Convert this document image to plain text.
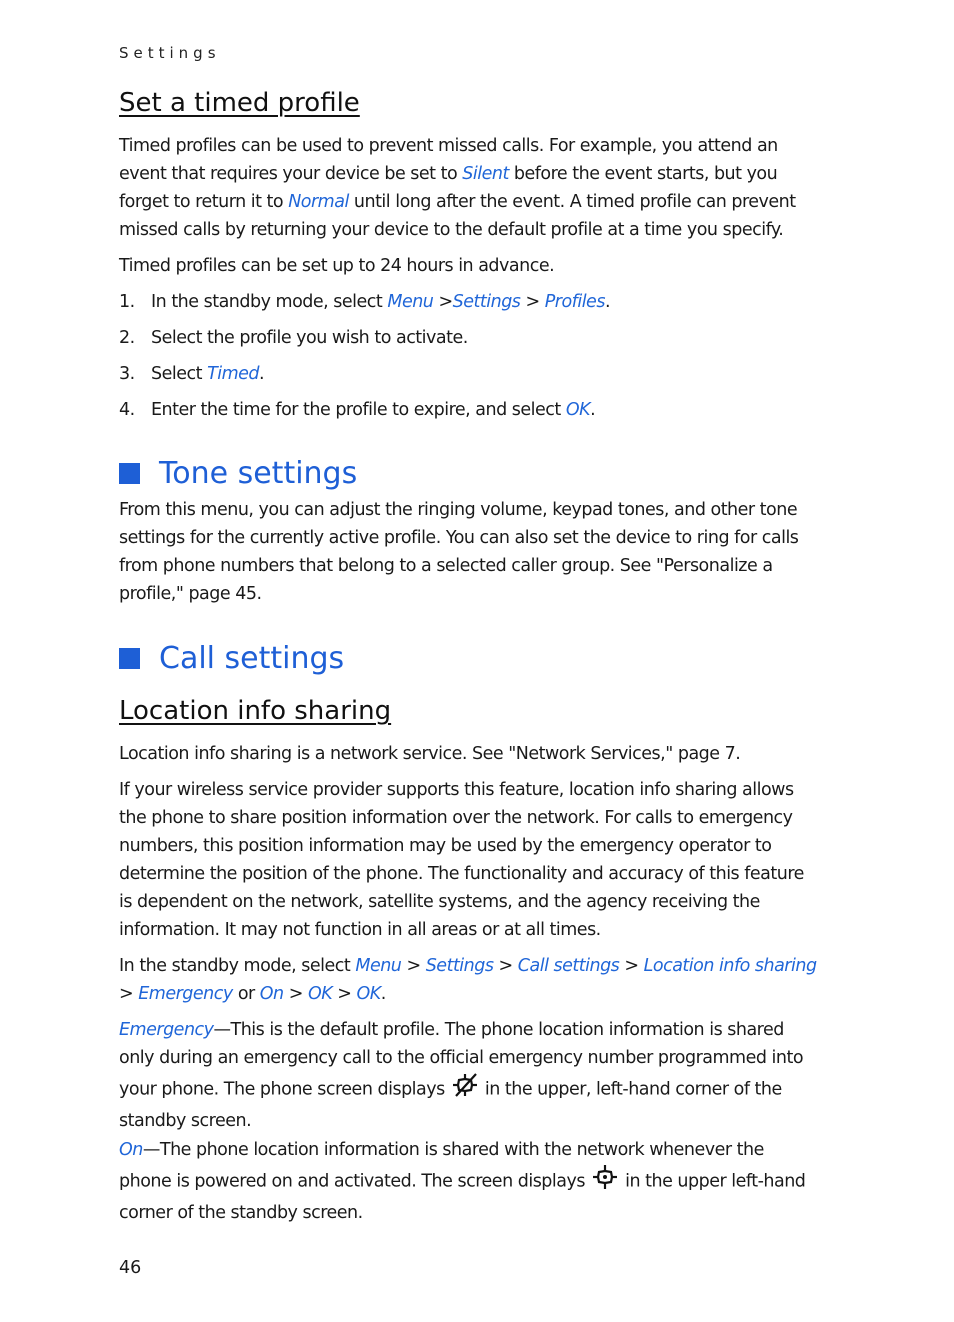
Settings
Set a timed profile

Timed profiles can be used to prevent missed calls. For example, you attend an event that requires your device be set to Silent before the event starts, but you forget to return it to Normal until long after the event. A timed profile can prevent missed calls by returning your device to the default profile at a time you specify.

Timed profiles can be set up to 24 hours in advance.

1. In the standby mode, select Menu >Settings > Profiles.
2. Select the profile you wish to activate.
3. Select Timed.
4. Enter the time for the profile to expire, and select OK.
Tone settings

From this menu, you can adjust the ringing volume, keypad tones, and other tone settings for the currently active profile. You can also set the device to ring for calls from phone numbers that belong to a selected caller group. See "Personalize a profile," page 45.

Call settings
Location info sharing

Location info sharing is a network service. See "Network Services," page 7.

If your wireless service provider supports this feature, location info sharing allows the phone to share position information over the network. For calls to emergency numbers, this position information may be used by the emergency operator to determine the position of the phone. The functionality and accuracy of this feature is dependent on the network, satellite systems, and the agency receiving the information. It may not function in all areas or at all times.

In the standby mode, select Menu > Settings > Call settings > Location info sharing > Emergency or On > OK > OK.

Emergency—This is the default profile. The phone location information is shared only during an emergency call to the official emergency number programmed into your phone. The phone screen displays  in the upper, left-hand corner of the standby screen.

On—The phone location information is shared with the network whenever the phone is powered on and activated. The screen displays  in the upper left-hand corner of the standby screen.

46
